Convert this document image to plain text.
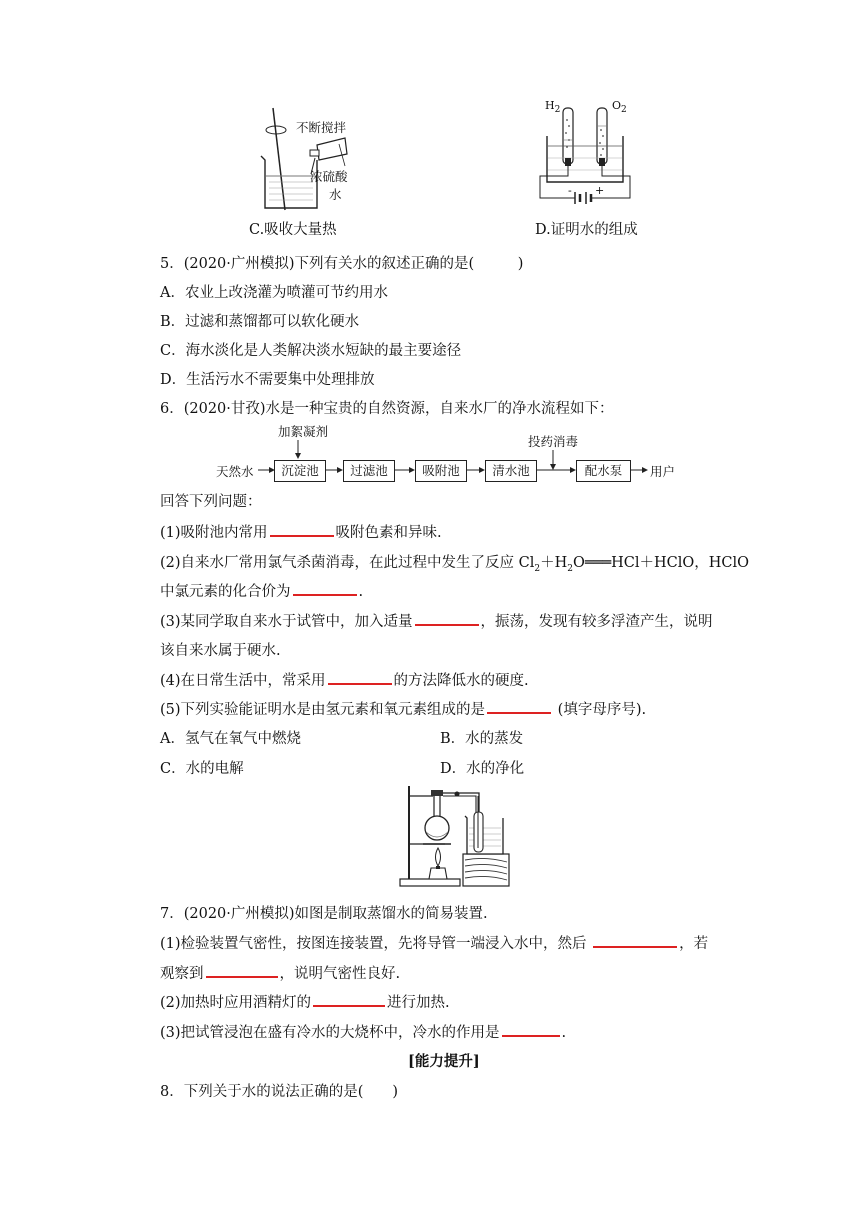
不断搅拌
浓硫酸
水
C.吸收大量热
$H_2$	$O_2$
- +
D.证明水的组成
5．(2020·广州模拟)下列有关水的叙述正确的是(　　　)
A．农业上改浇灌为喷灌可节约用水
B．过滤和蒸馏都可以软化硬水
C．海水淡化是人类解决淡水短缺的最主要途径
D．生活污水不需要集中处理排放
6．(2020·甘孜)水是一种宝贵的自然资源，自来水厂的净水流程如下：
加絮凝剂
投药消毒
天然水	沉淀池	过滤池	吸附池	清水池	配水泵	用户
回答下列问题：
(1)吸附池内常用	吸附色素和异味.
(2)自来水厂常用氯气杀菌消毒，在此过程中发生了反应 $Cl_2+H_2O═══HCl+HClO$，HClO
中氯元素的化合价为	.
(3)某同学取自来水于试管中，加入适量	，振荡，发现有较多浮渣产生，说明
该自来水属于硬水.
(4)在日常生活中，常采用	的方法降低水的硬度.
(5)下列实验能证明水是由氢元素和氧元素组成的是	(填字母序号).
A．氢气在氧气中燃烧	B．水的蒸发
C．水的电解	D．水的净化
7．(2020·广州模拟)如图是制取蒸馏水的简易装置.
(1)检验装置气密性，按图连接装置，先将导管一端浸入水中，然后	，若
观察到	，说明气密性良好.
(2)加热时应用酒精灯的	进行加热.
(3)把试管浸泡在盛有冷水的大烧杯中，冷水的作用是	.
[能力提升]
8．下列关于水的说法正确的是(　　)
